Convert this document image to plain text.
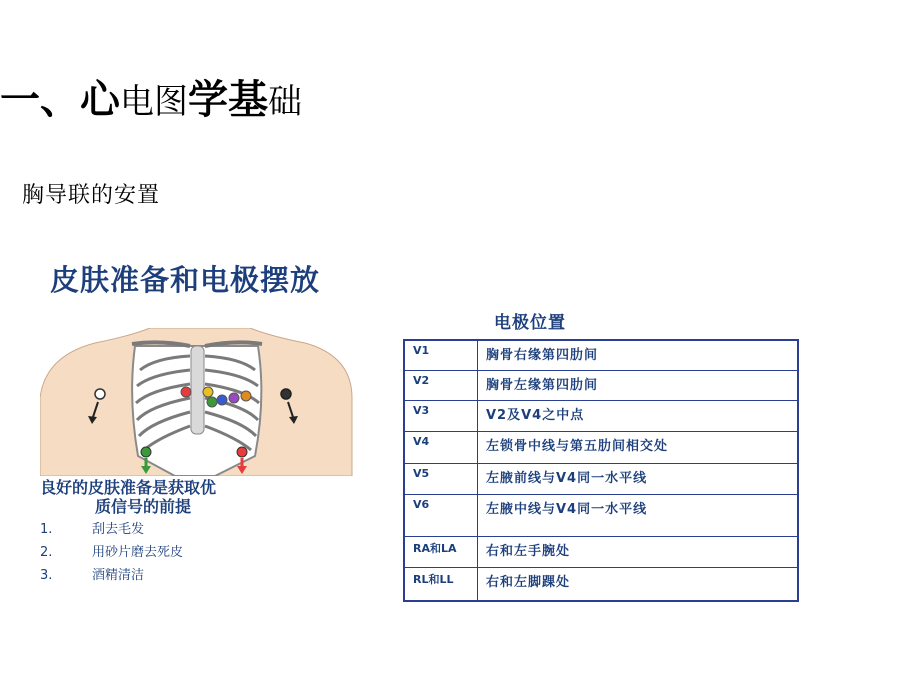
一、心电图学基础
胸导联的安置
皮肤准备和电极摆放
良好的皮肤准备是获取优
质信号的前提
1.	刮去毛发
2.	用砂片磨去死皮
3.	酒精清洁
电极位置
V1	胸骨右缘第四肋间
V2	胸骨左缘第四肋间
V3	V2及V4之中点
V4	左锁骨中线与第五肋间相交处
V5	左腋前线与V4同一水平线
V6	左腋中线与V4同一水平线
RA和LA	右和左手腕处
RL和LL	右和左脚踝处
